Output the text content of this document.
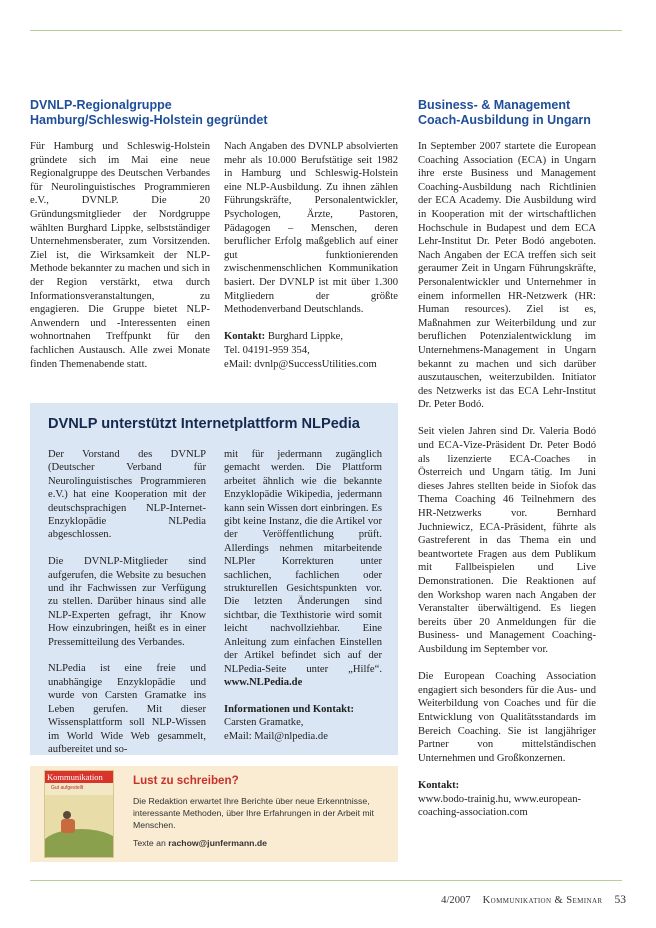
DVNLP-Regionalgruppe
Hamburg/Schleswig-Holstein gegründet

Für Hamburg und Schleswig-Holstein gründete sich im Mai eine neue Regionalgruppe des Deutschen Verbandes für Neurolinguistisches Programmieren e.V., DVNLP. Die 20 Gründungsmitglieder der Nordgruppe wählten Burghard Lippke, selbstständiger Unternehmensberater, zum Vorsitzenden. Ziel ist, die Wirksamkeit der NLP-Methode bekannter zu machen und sich in der Region verstärkt, etwa durch Informationsveranstaltungen, zu engagieren. Die Gruppe bietet NLP-Anwendern und -Interessenten einen wohnortnahen Treffpunkt für den fachlichen Austausch. Alle zwei Monate finden Themenabende statt.

Nach Angaben des DVNLP absolvierten mehr als 10.000 Berufstätige seit 1982 in Hamburg und Schleswig-Holstein eine NLP-Ausbildung. Zu ihnen zählen Führungskräfte, Personalentwickler, Psychologen, Ärzte, Pastoren, Pädagogen – Menschen, deren beruflicher Erfolg maßgeblich auf einer gut funktionierenden zwischenmenschlichen Kommunikation basiert. Der DVNLP ist mit über 1.300 Mitgliedern der größte Methodenverband Deutschlands.

Kontakt: Burghard Lippke,
Tel. 04191-959 354,
eMail: dvnlp@SuccessUtilities.com

DVNLP unterstützt Internetplattform NLPedia

Der Vorstand des DVNLP (Deutscher Verband für Neurolinguistisches Programmieren e.V.) hat eine Kooperation mit der deutschsprachigen NLP-Internet-Enzyklopädie NLPedia abgeschlossen.

Die DVNLP-Mitglieder sind aufgerufen, die Website zu besuchen und ihr Fachwissen zur Verfügung zu stellen. Darüber hinaus sind alle NLP-Experten gefragt, ihr Know How einzubringen, heißt es in einer Pressemitteilung des Verbandes.

NLPedia ist eine freie und unabhängige Enzyklopädie und wurde von Carsten Gramatke ins Leben gerufen. Mit dieser Wissensplattform soll NLP-Wissen im World Wide Web gesammelt, aufbereitet und so-

mit für jedermann zugänglich gemacht werden. Die Plattform arbeitet ähnlich wie die bekannte Enzyklopädie Wikipedia, jedermann kann sein Wissen dort einbringen. Es gibt keine Instanz, die die Artikel vor der Veröffentlichung prüft. Allerdings nehmen mitarbeitende NLPler Korrekturen unter sachlichen, fachlichen oder strukturellen Gesichtspunkten vor. Die letzten Änderungen sind sichtbar, die Texthistorie wird somit leicht nachvollziehbar. Eine Anleitung zum einfachen Einstellen der Artikel befindet sich auf der NLPedia-Seite unter „Hilfe“. www.NLPedia.de

Informationen und Kontakt:
Carsten Gramatke,
eMail: Mail@nlpedia.de

Kommunikation
Gut aufgestellt
Lust zu schreiben?

Die Redaktion erwartet Ihre Berichte über neue Erkenntnisse, interessante Methoden, über Ihre Erfahrungen in der Arbeit mit Menschen.

Texte an rachow@junfermann.de

Business- & Management
Coach-Ausbildung in Ungarn

In September 2007 startete die European Coaching Association (ECA) in Ungarn ihre erste Business und Management Coaching-Ausbildung nach Richtlinien der ECA Academy. Die Ausbildung wird in Kooperation mit der wirtschaftlichen Hochschule in Budapest und dem ECA Lehr-Institut Dr. Peter Bodó angeboten. Nach Angaben der ECA treffen sich seit geraumer Zeit in Ungarn Führungskräfte, Personalentwickler und Unternehmer in einem informellen HR-Netzwerk (HR: Human resources). Ziel ist es, Maßnahmen zur Weiterbildung und zur beruflichen Potenzialentwicklung im Unternehmens-Management in Ungarn bekannt zu machen und sich darüber auszutauschen, weiterzubilden. Initiator des Netzwerks ist das ECA Lehr-Institut Dr. Peter Bodó.

Seit vielen Jahren sind Dr. Valeria Bodó und ECA-Vize-Präsident Dr. Peter Bodó als lizenzierte ECA-Coaches in Österreich und Ungarn tätig. Im Juni dieses Jahres stellten beide in Siofok das Thema Coaching 46 Teilnehmern des HR-Netzwerks vor. Bernhard Juchniewicz, ECA-Präsident, führte als Gastreferent in das Thema ein und beantwortete Fragen aus dem Publikum mit Fallbeispielen und Live Demonstrationen. Die Reaktionen auf den Workshop waren nach Angaben der Veranstalter überwältigend. Es liegen bereits über 20 Anmeldungen für die Business- und Management Coaching-Ausbildung im September vor.

Die European Coaching Association engagiert sich besonders für die Aus- und Weiterbildung von Coaches und für die Entwicklung von Qualitätsstandards im Bereich Coaching. Sie ist langjähriger Partner von mittelständischen Unternehmen und Großkonzernen.

Kontakt:
www.bodo-trainig.hu, www.european-coaching-association.com

4/2007 Kommunikation & Seminar 53
